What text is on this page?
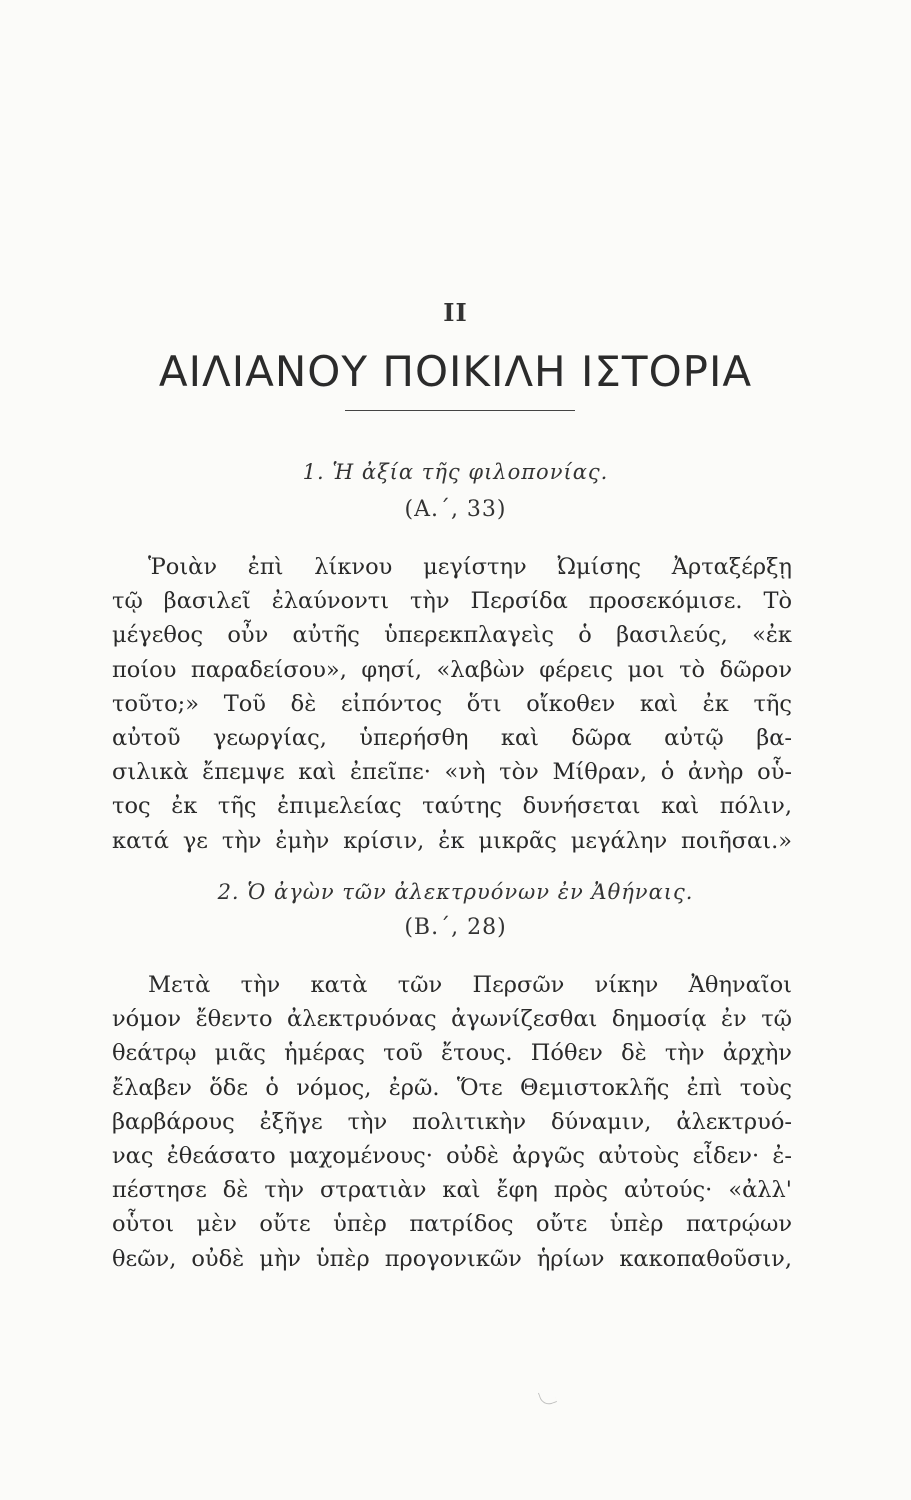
II
ΑΙΛΙΑΝΟΥ ΠΟΙΚΙΛΗ ΙΣΤΟΡΙΑ
1. Ἡ ἀξία τῆς φιλοπονίας.
(Α.΄, 33)
Ῥοιὰν ἐπὶ λίκνου μεγίστην Ὠμίσης Ἀρταξέρξῃ
τῷ βασιλεῖ ἐλαύνοντι τὴν Περσίδα προσεκόμισε. Τὸ
μέγεθος οὖν αὐτῆς ὑπερεκπλαγεὶς ὁ βασιλεύς, «ἐκ
ποίου παραδείσου», φησί, «λαβὼν φέρεις μοι τὸ δῶρον
τοῦτο;» Τοῦ δὲ εἰπόντος ὅτι οἴκοθεν καὶ ἐκ τῆς
αὐτοῦ γεωργίας, ὑπερήσθη καὶ δῶρα αὐτῷ βα-
σιλικὰ ἔπεμψε καὶ ἐπεῖπε· «νὴ τὸν Μίθραν, ὁ ἀνὴρ οὗ-
τος ἐκ τῆς ἐπιμελείας ταύτης δυνήσεται καὶ πόλιν,
κατά γε τὴν ἐμὴν κρίσιν, ἐκ μικρᾶς μεγάλην ποιῆσαι.»
2. Ὁ ἀγὼν τῶν ἀλεκτρυόνων ἐν Ἀθήναις.
(Β.΄, 28)
Μετὰ τὴν κατὰ τῶν Περσῶν νίκην Ἀθηναῖοι
νόμον ἔθεντο ἀλεκτρυόνας ἀγωνίζεσθαι δημοσίᾳ ἐν τῷ
θεάτρῳ μιᾶς ἡμέρας τοῦ ἔτους. Πόθεν δὲ τὴν ἀρχὴν
ἔλαβεν ὅδε ὁ νόμος, ἐρῶ. Ὅτε Θεμιστοκλῆς ἐπὶ τοὺς
βαρβάρους ἐξῆγε τὴν πολιτικὴν δύναμιν, ἀλεκτρυό-
νας ἐθεάσατο μαχομένους· οὐδὲ ἀργῶς αὐτοὺς εἶδεν· ἐ-
πέστησε δὲ τὴν στρατιὰν καὶ ἔφη πρὸς αὐτούς· «ἀλλ'
οὗτοι μὲν οὔτε ὑπὲρ πατρίδος οὔτε ὑπὲρ πατρῴων
θεῶν, οὐδὲ μὴν ὑπὲρ προγονικῶν ἡρίων κακοπαθοῦσιν,
